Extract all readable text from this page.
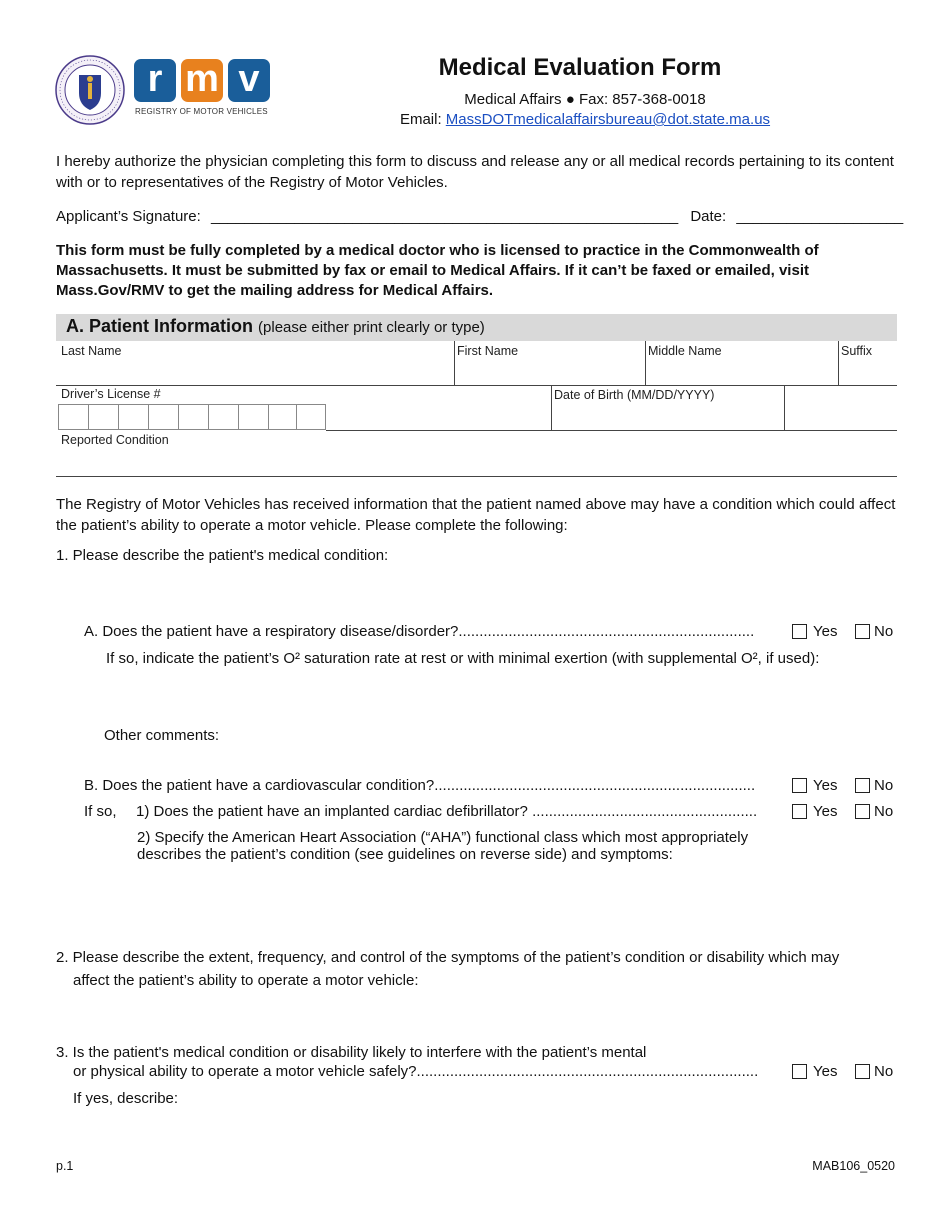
r m v
REGISTRY OF MOTOR VEHICLES
Medical Evaluation Form
Medical Affairs ● Fax: 857-368-0018
Email: MassDOTmedicalaffairsbureau@dot.state.ma.us
I hereby authorize the physician completing this form to discuss and release any or all medical records pertaining to its content with or to representatives of the Registry of Motor Vehicles.
Applicant’s Signature: ________________________________________________________ Date: ____________________
This form must be fully completed by a medical doctor who is licensed to practice in the Commonwealth of Massachusetts. It must be submitted by fax or email to Medical Affairs. If it can’t be faxed or emailed, visit Mass.Gov/RMV to get the mailing address for Medical Affairs.
A. Patient Information (please either print clearly or type)
Last Name	First Name	Middle Name	Suffix
Driver’s License #	Date of Birth (MM/DD/YYYY)
Reported Condition
The Registry of Motor Vehicles has received information that the patient named above may have a condition which could affect the patient’s ability to operate a motor vehicle. Please complete the following:
1. Please describe the patient's medical condition:
A. Does the patient have a respiratory disease/disorder?.......................................................................	Yes No
If so, indicate the patient’s O² saturation rate at rest or with minimal exertion (with supplemental O², if used):
Other comments:
B. Does the patient have a cardiovascular condition?.............................................................................	Yes No
If so, 1) Does the patient have an implanted cardiac defibrillator? ......................................................	Yes No
2) Specify the American Heart Association (“AHA”) functional class which most appropriately describes the patient’s condition (see guidelines on reverse side) and symptoms:
2. Please describe the extent, frequency, and control of the symptoms of the patient’s condition or disability which may
affect the patient’s ability to operate a motor vehicle:
3. Is the patient's medical condition or disability likely to interfere with the patient’s mental
or physical ability to operate a motor vehicle safely?..................................................................................	Yes No
If yes, describe:
p.1	MAB106_0520
